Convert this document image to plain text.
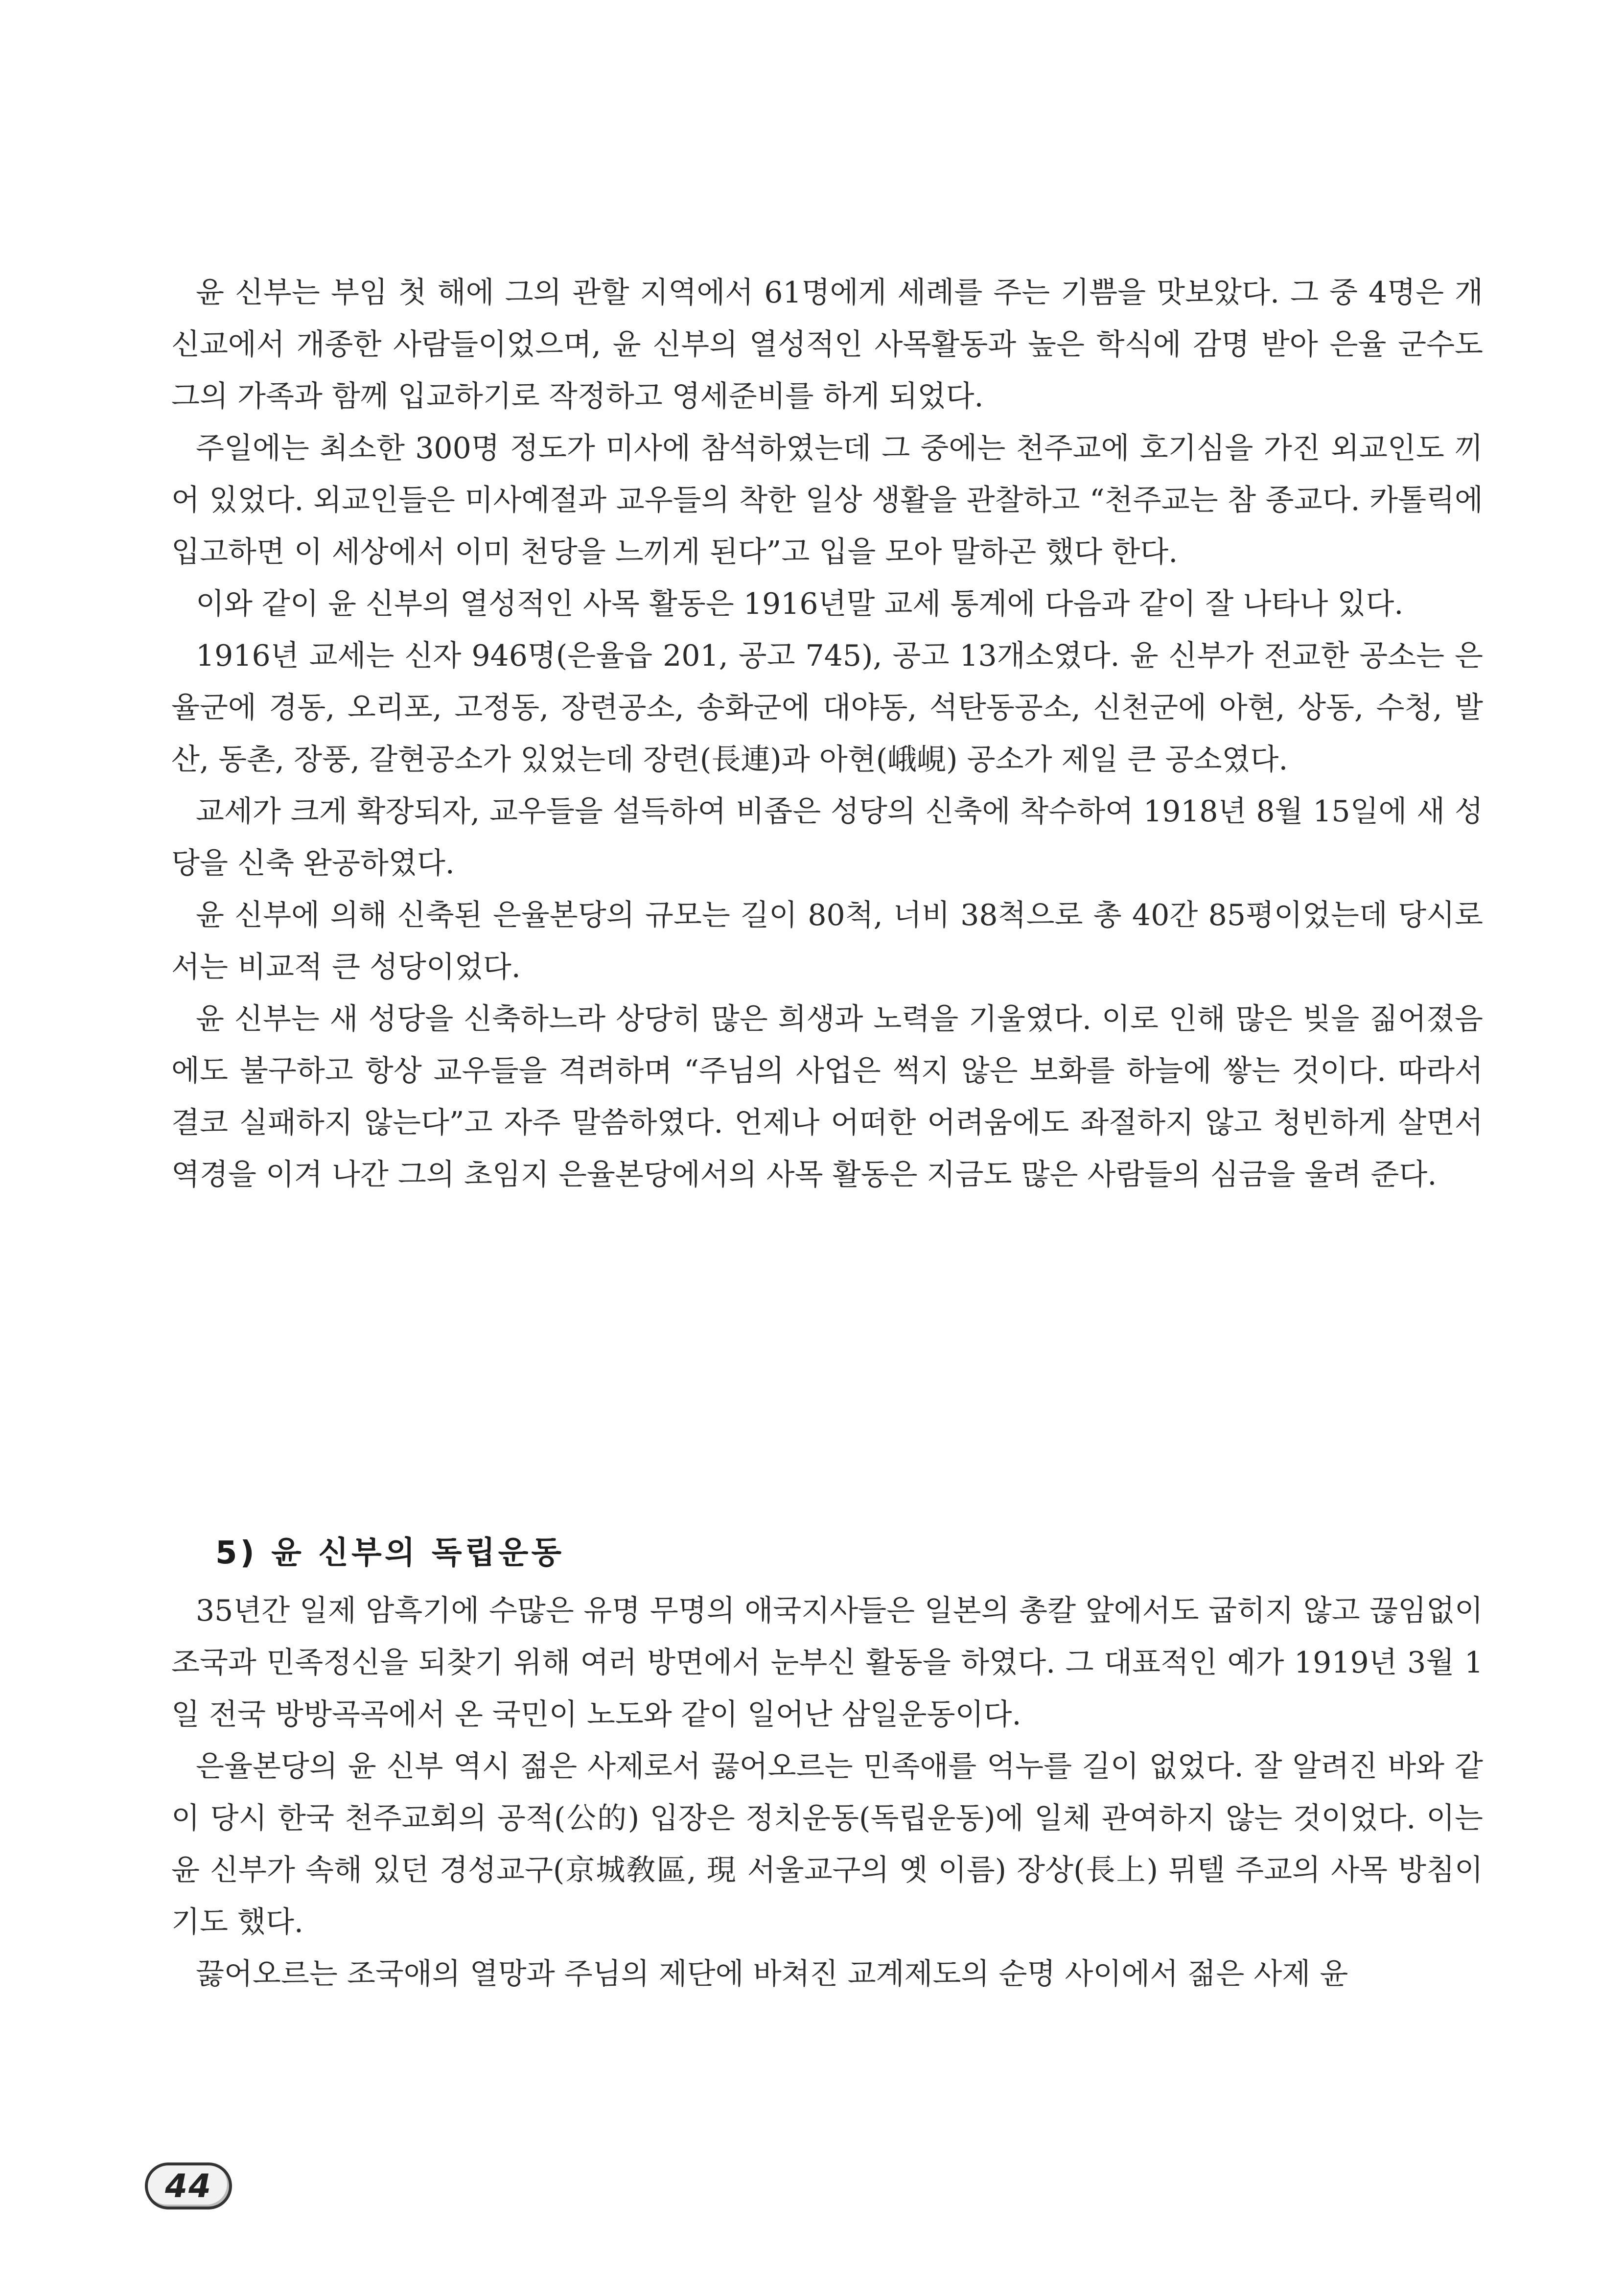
윤 신부는 부임 첫 해에 그의 관할 지역에서 61명에게 세례를 주는 기쁨을 맛보았다. 그 중 4명은 개신교에서 개종한 사람들이었으며, 윤 신부의 열성적인 사목활동과 높은 학식에 감명 받아 은율 군수도 그의 가족과 함께 입교하기로 작정하고 영세준비를 하게 되었다.

주일에는 최소한 300명 정도가 미사에 참석하였는데 그 중에는 천주교에 호기심을 가진 외교인도 끼어 있었다. 외교인들은 미사예절과 교우들의 착한 일상 생활을 관찰하고 “천주교는 참 종교다. 카톨릭에 입고하면 이 세상에서 이미 천당을 느끼게 된다”고 입을 모아 말하곤 했다 한다.

이와 같이 윤 신부의 열성적인 사목 활동은 1916년말 교세 통계에 다음과 같이 잘 나타나 있다.

1916년 교세는 신자 946명(은율읍 201, 공고 745), 공고 13개소였다. 윤 신부가 전교한 공소는 은율군에 경동, 오리포, 고정동, 장련공소, 송화군에 대야동, 석탄동공소, 신천군에 아현, 상동, 수청, 발산, 동촌, 장풍, 갈현공소가 있었는데 장련(長連)과 아현(峨峴) 공소가 제일 큰 공소였다.

교세가 크게 확장되자, 교우들을 설득하여 비좁은 성당의 신축에 착수하여 1918년 8월 15일에 새 성당을 신축 완공하였다.

윤 신부에 의해 신축된 은율본당의 규모는 길이 80척, 너비 38척으로 총 40간 85평이었는데 당시로서는 비교적 큰 성당이었다.

윤 신부는 새 성당을 신축하느라 상당히 많은 희생과 노력을 기울였다. 이로 인해 많은 빚을 짊어졌음에도 불구하고 항상 교우들을 격려하며 “주님의 사업은 썩지 않은 보화를 하늘에 쌓는 것이다. 따라서 결코 실패하지 않는다”고 자주 말씀하였다. 언제나 어떠한 어려움에도 좌절하지 않고 청빈하게 살면서 역경을 이겨 나간 그의 초임지 은율본당에서의 사목 활동은 지금도 많은 사람들의 심금을 울려 준다.

5) 윤 신부의 독립운동

35년간 일제 암흑기에 수많은 유명 무명의 애국지사들은 일본의 총칼 앞에서도 굽히지 않고 끊임없이 조국과 민족정신을 되찾기 위해 여러 방면에서 눈부신 활동을 하였다. 그 대표적인 예가 1919년 3월 1일 전국 방방곡곡에서 온 국민이 노도와 같이 일어난 삼일운동이다.

은율본당의 윤 신부 역시 젊은 사제로서 끓어오르는 민족애를 억누를 길이 없었다. 잘 알려진 바와 같이 당시 한국 천주교회의 공적(公的) 입장은 정치운동(독립운동)에 일체 관여하지 않는 것이었다. 이는 윤 신부가 속해 있던 경성교구(京城敎區, 現 서울교구의 옛 이름) 장상(長上) 뮈텔 주교의 사목 방침이기도 했다.

끓어오르는 조국애의 열망과 주님의 제단에 바쳐진 교계제도의 순명 사이에서 젊은 사제 윤

44
